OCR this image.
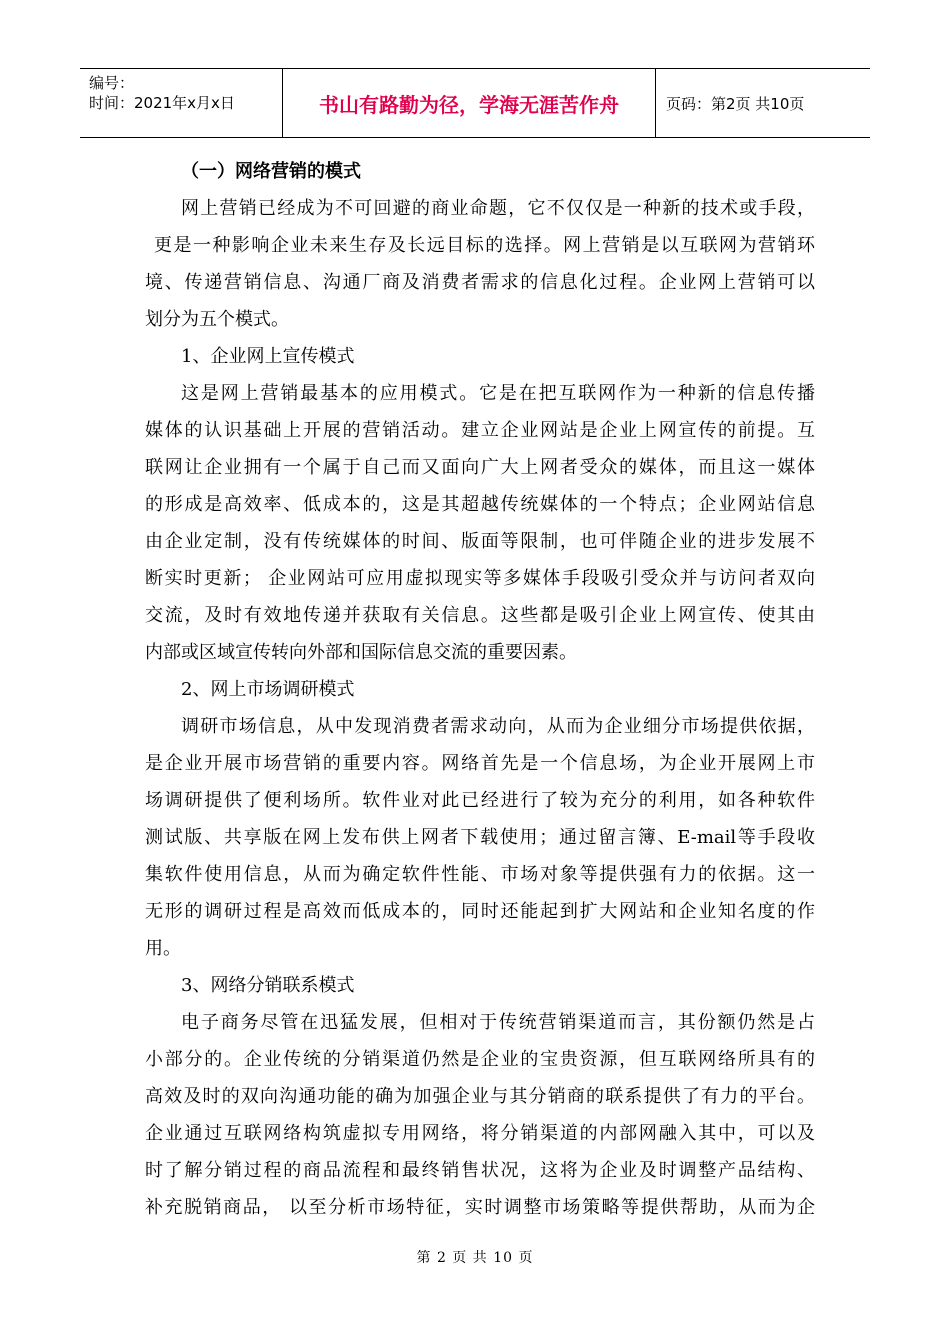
编号：
时间：2021年x月x日	书山有路勤为径，学海无涯苦作舟	页码：第2页 共10页
（一）网络营销的模式
网上营销已经成为不可回避的商业命题，它不仅仅是一种新的技术或手段，
更是一种影响企业未来生存及长远目标的选择。网上营销是以互联网为营销环
境、传递营销信息、沟通厂商及消费者需求的信息化过程。企业网上营销可以
划分为五个模式。
1、企业网上宣传模式
这是网上营销最基本的应用模式。它是在把互联网作为一种新的信息传播
媒体的认识基础上开展的营销活动。建立企业网站是企业上网宣传的前提。互
联网让企业拥有一个属于自己而又面向广大上网者受众的媒体，而且这一媒体
的形成是高效率、低成本的，这是其超越传统媒体的一个特点；企业网站信息
由企业定制，没有传统媒体的时间、版面等限制，也可伴随企业的进步发展不
断实时更新； 企业网站可应用虚拟现实等多媒体手段吸引受众并与访问者双向
交流，及时有效地传递并获取有关信息。这些都是吸引企业上网宣传、使其由
内部或区域宣传转向外部和国际信息交流的重要因素。
2、网上市场调研模式
调研市场信息，从中发现消费者需求动向，从而为企业细分市场提供依据，
是企业开展市场营销的重要内容。网络首先是一个信息场，为企业开展网上市
场调研提供了便利场所。软件业对此已经进行了较为充分的利用，如各种软件
测试版、共享版在网上发布供上网者下载使用；通过留言簿、E-mail等手段收
集软件使用信息，从而为确定软件性能、市场对象等提供强有力的依据。这一
无形的调研过程是高效而低成本的，同时还能起到扩大网站和企业知名度的作
用。
3、网络分销联系模式
电子商务尽管在迅猛发展，但相对于传统营销渠道而言，其份额仍然是占
小部分的。企业传统的分销渠道仍然是企业的宝贵资源，但互联网络所具有的
高效及时的双向沟通功能的确为加强企业与其分销商的联系提供了有力的平台。
企业通过互联网络构筑虚拟专用网络，将分销渠道的内部网融入其中，可以及
时了解分销过程的商品流程和最终销售状况，这将为企业及时调整产品结构、
补充脱销商品， 以至分析市场特征，实时调整市场策略等提供帮助，从而为企
第 2 页 共 10 页
